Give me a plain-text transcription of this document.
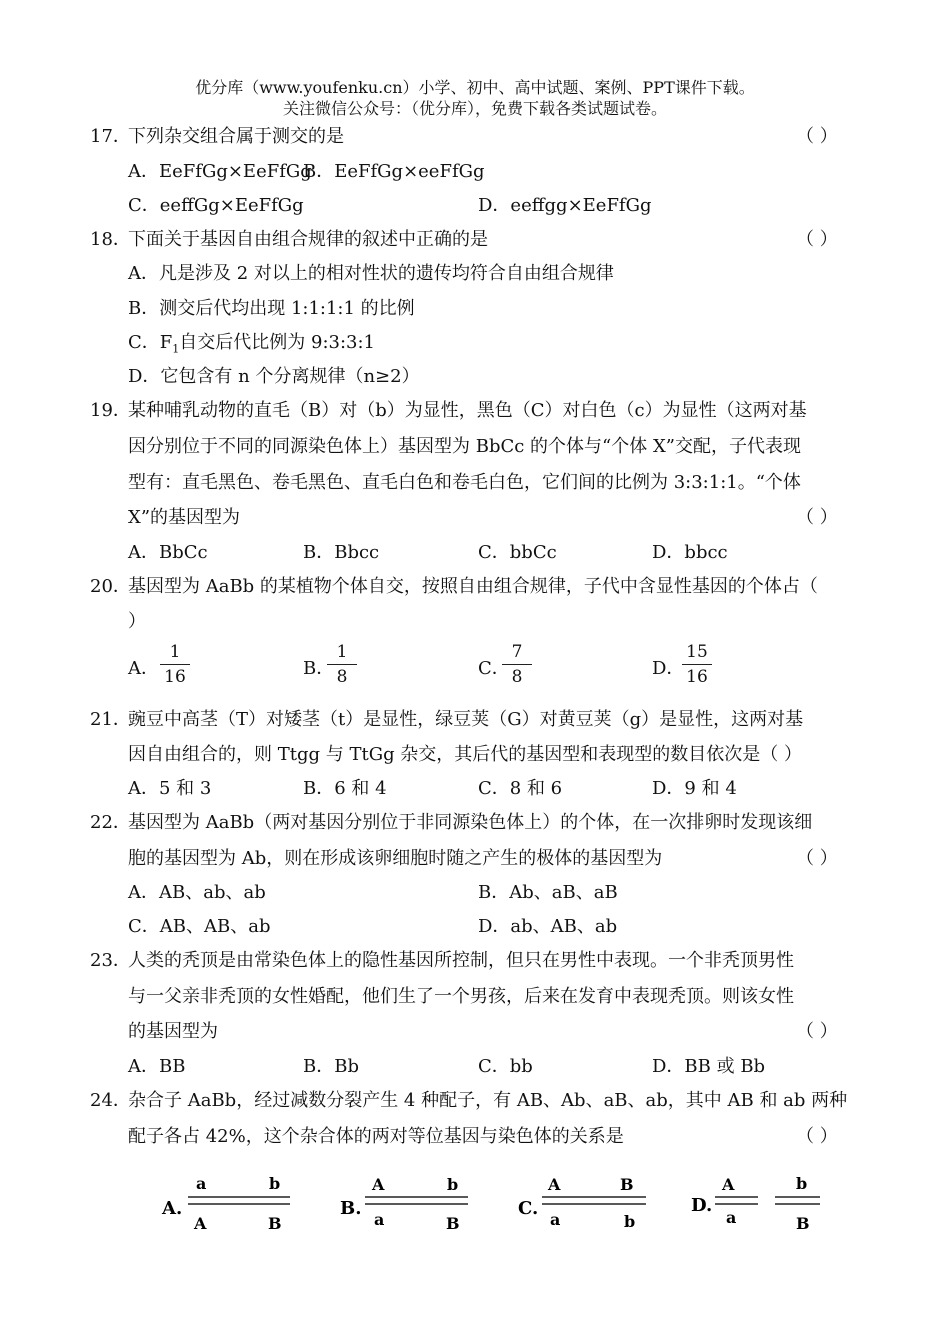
优分库（www.youfenku.cn）小学、初中、高中试题、案例、PPT课件下载。
关注微信公众号：（优分库），免费下载各类试题试卷。
17．
下列杂交组合属于测交的是	（ ）
A．EeFfGg×EeFfGg
B．EeFfGg×eeFfGg
C．eeffGg×EeFfGg	D．eeffgg×EeFfGg
18．
下面关于基因自由组合规律的叙述中正确的是	（ ）
A．凡是涉及 2 对以上的相对性状的遗传均符合自由组合规律
B．测交后代均出现 1:1:1:1 的比例
C．$F_1$自交后代比例为 9:3:3:1
D．它包含有 n 个分离规律（n≥2）
19．
某种哺乳动物的直毛（B）对（b）为显性，黑色（C）对白色（c）为显性（这两对基
因分别位于不同的同源染色体上）基因型为 BbCc 的个体与“个体 X”交配，子代表现
型有：直毛黑色、卷毛黑色、直毛白色和卷毛白色，它们间的比例为 3:3:1:1。“个体
X”的基因型为	（ ）
A．BbCc	B．Bbcc	C．bbCc	D．bbcc
20．
基因型为 AaBb 的某植物个体自交，按照自由组合规律，子代中含显性基因的个体占（
）
A．
1
16	B．
1
8	C．
7
8	D．
15
16
21．
豌豆中高茎（T）对矮茎（t）是显性，绿豆荚（G）对黄豆荚（g）是显性，这两对基
因自由组合的，则 Ttgg 与 TtGg 杂交，其后代的基因型和表现型的数目依次是（ ）
A．5 和 3	B．6 和 4	C．8 和 6	D．9 和 4
22．
基因型为 AaBb（两对基因分别位于非同源染色体上）的个体，在一次排卵时发现该细
胞的基因型为 Ab，则在形成该卵细胞时随之产生的极体的基因型为	（ ）
A．AB、ab、ab	B．Ab、aB、aB
C．AB、AB、ab	D．ab、AB、ab
23．
人类的秃顶是由常染色体上的隐性基因所控制，但只在男性中表现。一个非秃顶男性
与一父亲非秃顶的女性婚配，他们生了一个男孩，后来在发育中表现秃顶。则该女性
的基因型为	（ ）
A．BB	B．Bb	C．bb	D．BB 或 Bb
24．
杂合子 AaBb，经过减数分裂产生 4 种配子，有 AB、Ab、aB、ab，其中 AB 和 ab 两种
配子各占 42%，这个杂合体的两对等位基因与染色体的关系是	（ ）
A.
a	b
A	B
B.
A	b
a	B
C.
A	B
a	b
D.
A	b
a	B
